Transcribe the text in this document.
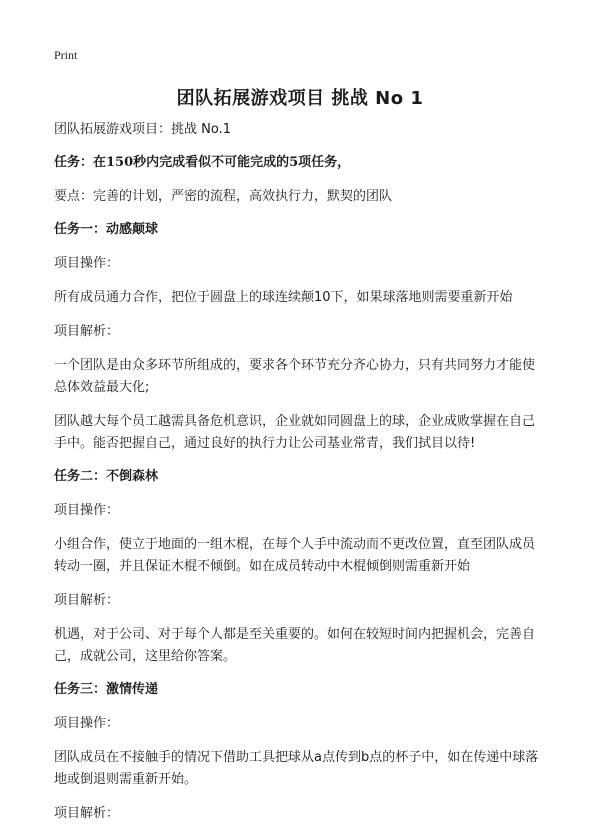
Print
团队拓展游戏项目 挑战 No 1

团队拓展游戏项目：挑战 No.1

任务：在150秒内完成看似不可能完成的5项任务，

要点：完善的计划，严密的流程，高效执行力，默契的团队

任务一：动感颠球

项目操作：

所有成员通力合作，把位于圆盘上的球连续颠10下，如果球落地则需要重新开始

项目解析：

一个团队是由众多环节所组成的，要求各个环节充分齐心协力，只有共同努力才能使总体效益最大化;

团队越大每个员工越需具备危机意识，企业就如同圆盘上的球，企业成败掌握在自己手中。能否把握自己，通过良好的执行力让公司基业常青，我们拭目以待!

任务二：不倒森林

项目操作：

小组合作，使立于地面的一组木棍，在每个人手中流动而不更改位置，直至团队成员转动一圈，并且保证木棍不倾倒。如在成员转动中木棍倾倒则需重新开始

项目解析：

机遇，对于公司、对于每个人都是至关重要的。如何在较短时间内把握机会，完善自己，成就公司，这里给你答案。

任务三：激情传递

项目操作：

团队成员在不接触手的情况下借助工具把球从a点传到b点的杯子中，如在传递中球落地或倒退则需重新开始。

项目解析：
